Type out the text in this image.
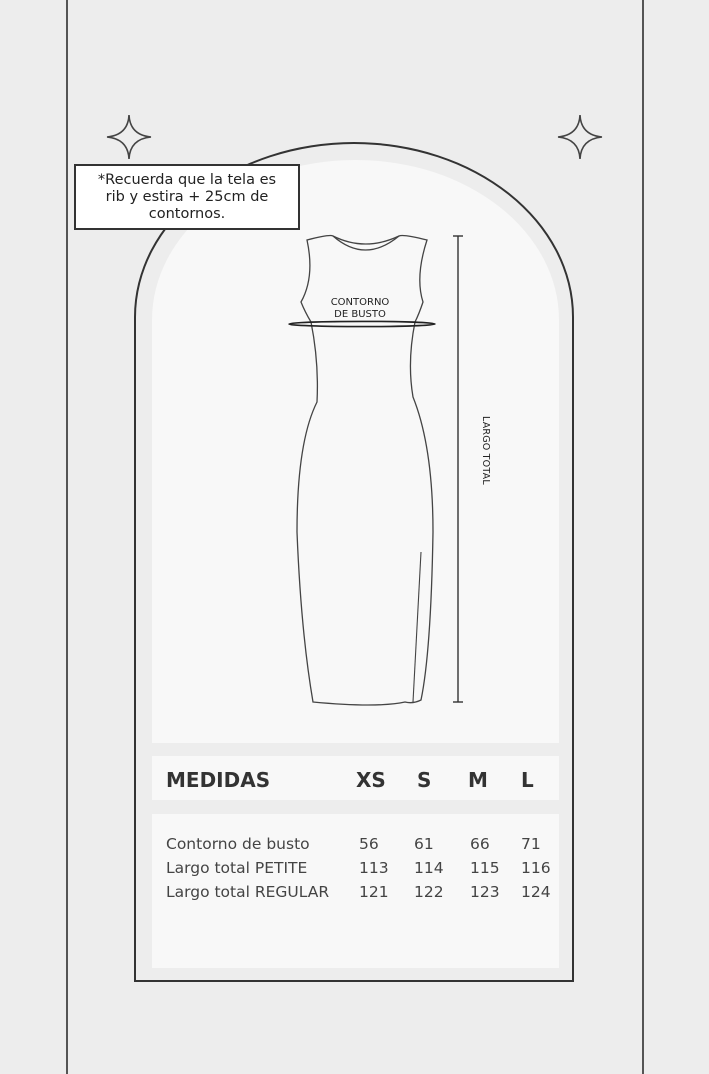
*Recuerda que la tela es
rib y estira + 25cm de
contornos.
CONTORNO
DE BUSTO
LARGO TOTAL
MEDIDAS	XS S M L
Contorno de busto	56 61 66 71
Largo total PETITE	113 114 115 116
Largo total REGULAR 121 122 123 124
